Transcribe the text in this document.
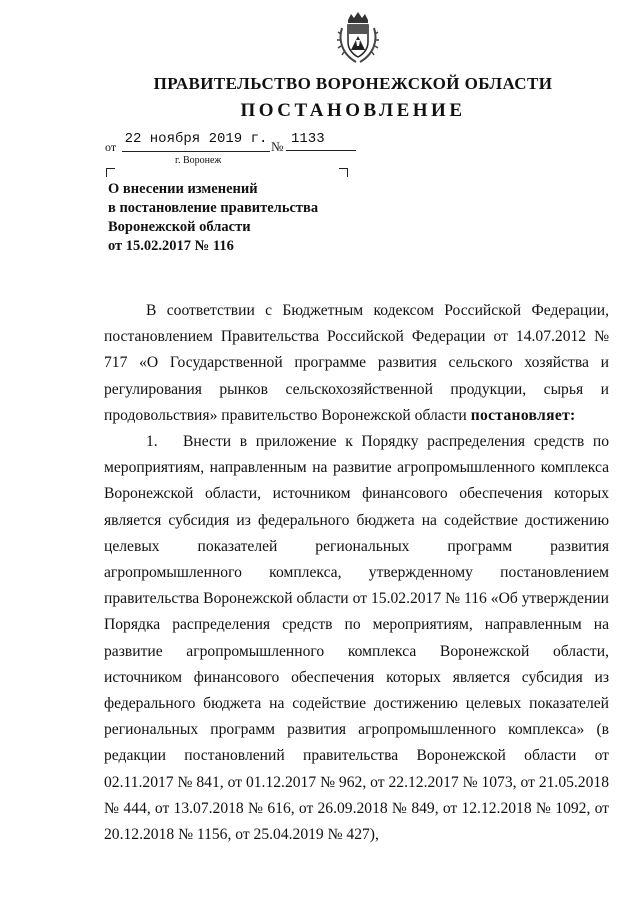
ПРАВИТЕЛЬСТВО ВОРОНЕЖСКОЙ ОБЛАСТИ
ПОСТАНОВЛЕНИЕ
от 22 ноября 2019 г. № 1133
г. Воронеж
О внесении изменений
в постановление правительства
Воронежской области
от 15.02.2017 № 116

В соответствии с Бюджетным кодексом Российской Федерации, постановлением Правительства Российской Федерации от 14.07.2012 № 717 «О Государственной программе развития сельского хозяйства и регулирования рынков сельскохозяйственной продукции, сырья и продовольствия» правительство Воронежской области постановляет:

1. Внести в приложение к Порядку распределения средств по мероприятиям, направленным на развитие агропромышленного комплекса Воронежской области, источником финансового обеспечения которых является субсидия из федерального бюджета на содействие достижению целевых показателей региональных программ развития агропромышленного комплекса, утвержденному постановлением правительства Воронежской области от 15.02.2017 № 116 «Об утверждении Порядка распределения средств по мероприятиям, направленным на развитие агропромышленного комплекса Воронежской области, источником финансового обеспечения которых является субсидия из федерального бюджета на содействие достижению целевых показателей региональных программ развития агропромышленного комплекса» (в редакции постановлений правительства Воронежской области от 02.11.2017 № 841, от 01.12.2017 № 962, от 22.12.2017 № 1073, от 21.05.2018 № 444, от 13.07.2018 № 616, от 26.09.2018 № 849, от 12.12.2018 № 1092, от 20.12.2018 № 1156, от 25.04.2019 № 427),
